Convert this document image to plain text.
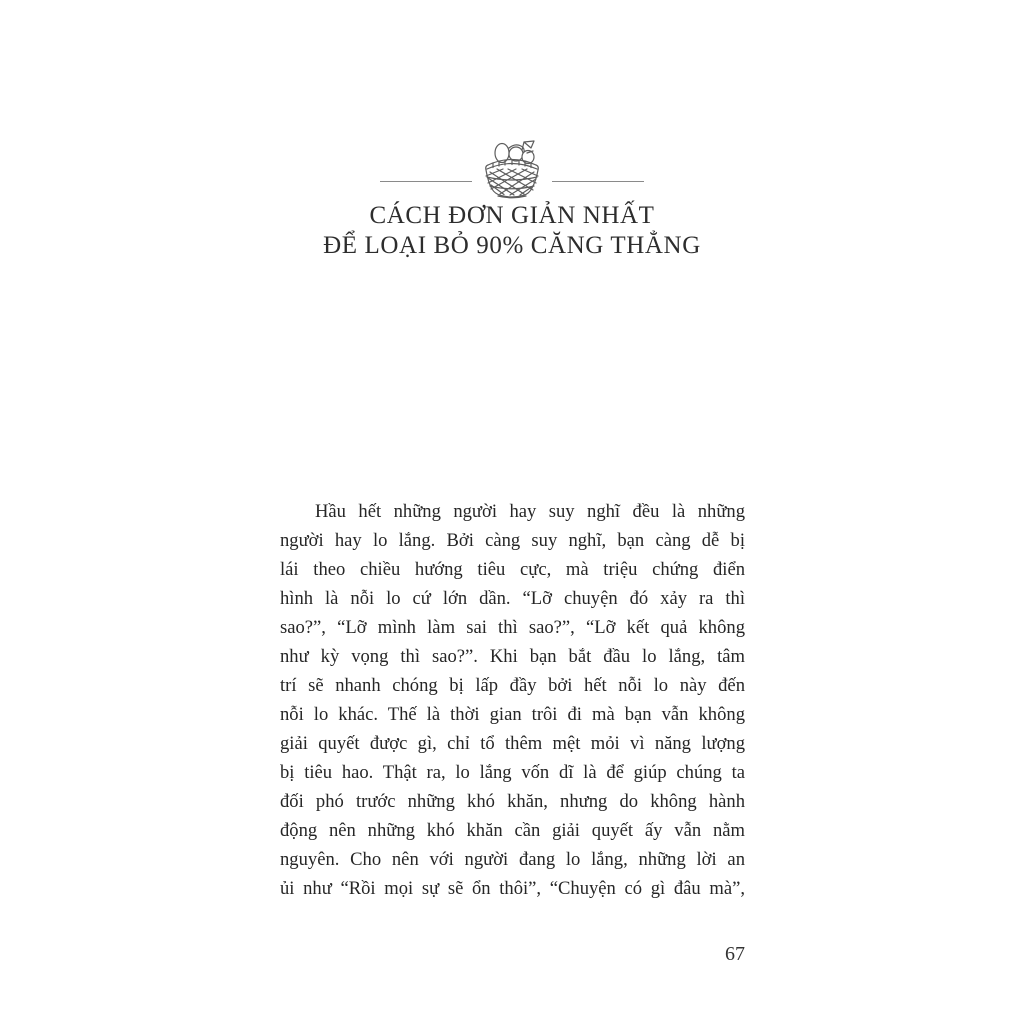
CÁCH ĐƠN GIẢN NHẤT
ĐỂ LOẠI BỎ 90% CĂNG THẲNG
Hầu hết những người hay suy nghĩ đều là những
người hay lo lắng. Bởi càng suy nghĩ, bạn càng dễ bị
lái theo chiều hướng tiêu cực, mà triệu chứng điển
hình là nỗi lo cứ lớn dần. “Lỡ chuyện đó xảy ra thì
sao?”, “Lỡ mình làm sai thì sao?”, “Lỡ kết quả không
như kỳ vọng thì sao?”. Khi bạn bắt đầu lo lắng, tâm
trí sẽ nhanh chóng bị lấp đầy bởi hết nỗi lo này đến
nỗi lo khác. Thế là thời gian trôi đi mà bạn vẫn không
giải quyết được gì, chỉ tổ thêm mệt mỏi vì năng lượng
bị tiêu hao. Thật ra, lo lắng vốn dĩ là để giúp chúng ta
đối phó trước những khó khăn, nhưng do không hành
động nên những khó khăn cần giải quyết ấy vẫn nằm
nguyên. Cho nên với người đang lo lắng, những lời an
ủi như “Rồi mọi sự sẽ ổn thôi”, “Chuyện có gì đâu mà”,
67
